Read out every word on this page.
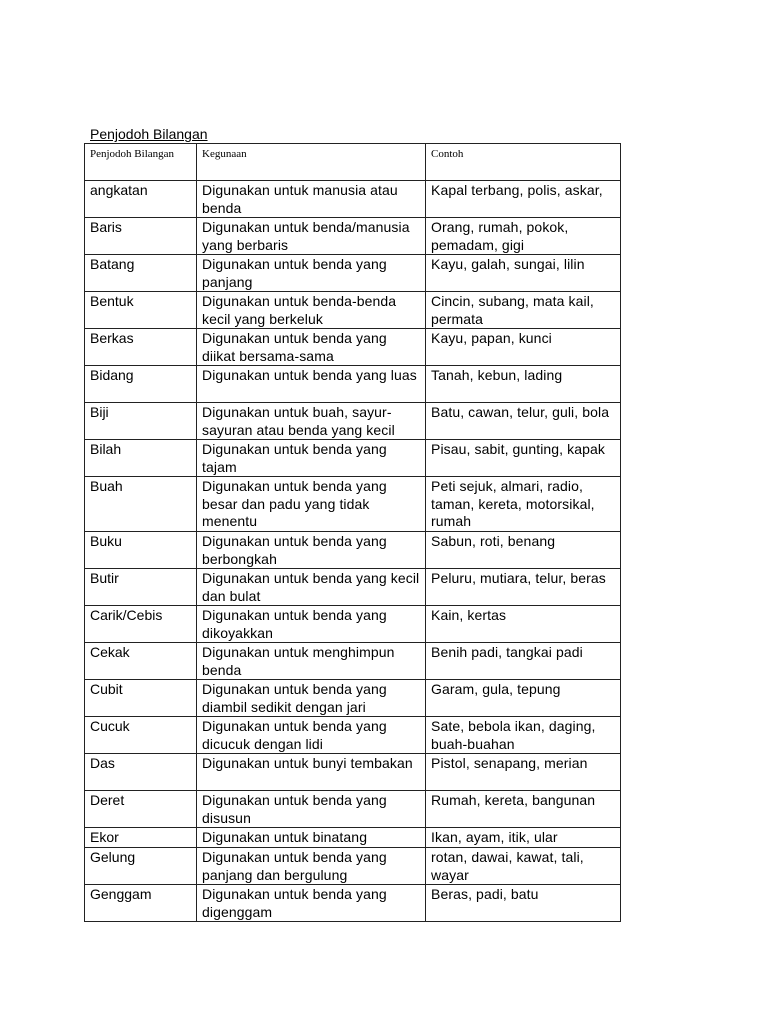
Penjodoh Bilangan
Penjodoh Bilangan	Kegunaan	Contoh
angkatan	Digunakan untuk manusia atau benda	Kapal terbang, polis, askar,
Baris	Digunakan untuk benda/manusia yang berbaris	Orang, rumah, pokok, pemadam, gigi
Batang	Digunakan untuk benda yang panjang	Kayu, galah, sungai, lilin
Bentuk	Digunakan untuk benda-benda kecil yang berkeluk	Cincin, subang, mata kail, permata
Berkas	Digunakan untuk benda yang diikat bersama-sama	Kayu, papan, kunci
Bidang	Digunakan untuk benda yang luas	Tanah, kebun, lading
Biji	Digunakan untuk buah, sayur-sayuran atau benda yang kecil	Batu, cawan, telur, guli, bola
Bilah	Digunakan untuk benda yang tajam	Pisau, sabit, gunting, kapak
Buah	Digunakan untuk benda yang besar dan padu yang tidak menentu	Peti sejuk, almari, radio, taman, kereta, motorsikal, rumah
Buku	Digunakan untuk benda yang berbongkah	Sabun, roti, benang
Butir	Digunakan untuk benda yang kecil dan bulat	Peluru, mutiara, telur, beras
Carik/Cebis	Digunakan untuk benda yang dikoyakkan	Kain, kertas
Cekak	Digunakan untuk menghimpun benda	Benih padi, tangkai padi
Cubit	Digunakan untuk benda yang diambil sedikit dengan jari	Garam, gula, tepung
Cucuk	Digunakan untuk benda yang dicucuk dengan lidi	Sate, bebola ikan, daging, buah-buahan
Das	Digunakan untuk bunyi tembakan	Pistol, senapang, merian
Deret	Digunakan untuk benda yang disusun	Rumah, kereta, bangunan
Ekor	Digunakan untuk binatang	Ikan, ayam, itik, ular
Gelung	Digunakan untuk benda yang panjang dan bergulung	rotan, dawai, kawat, tali, wayar
Genggam	Digunakan untuk benda yang digenggam	Beras, padi, batu
